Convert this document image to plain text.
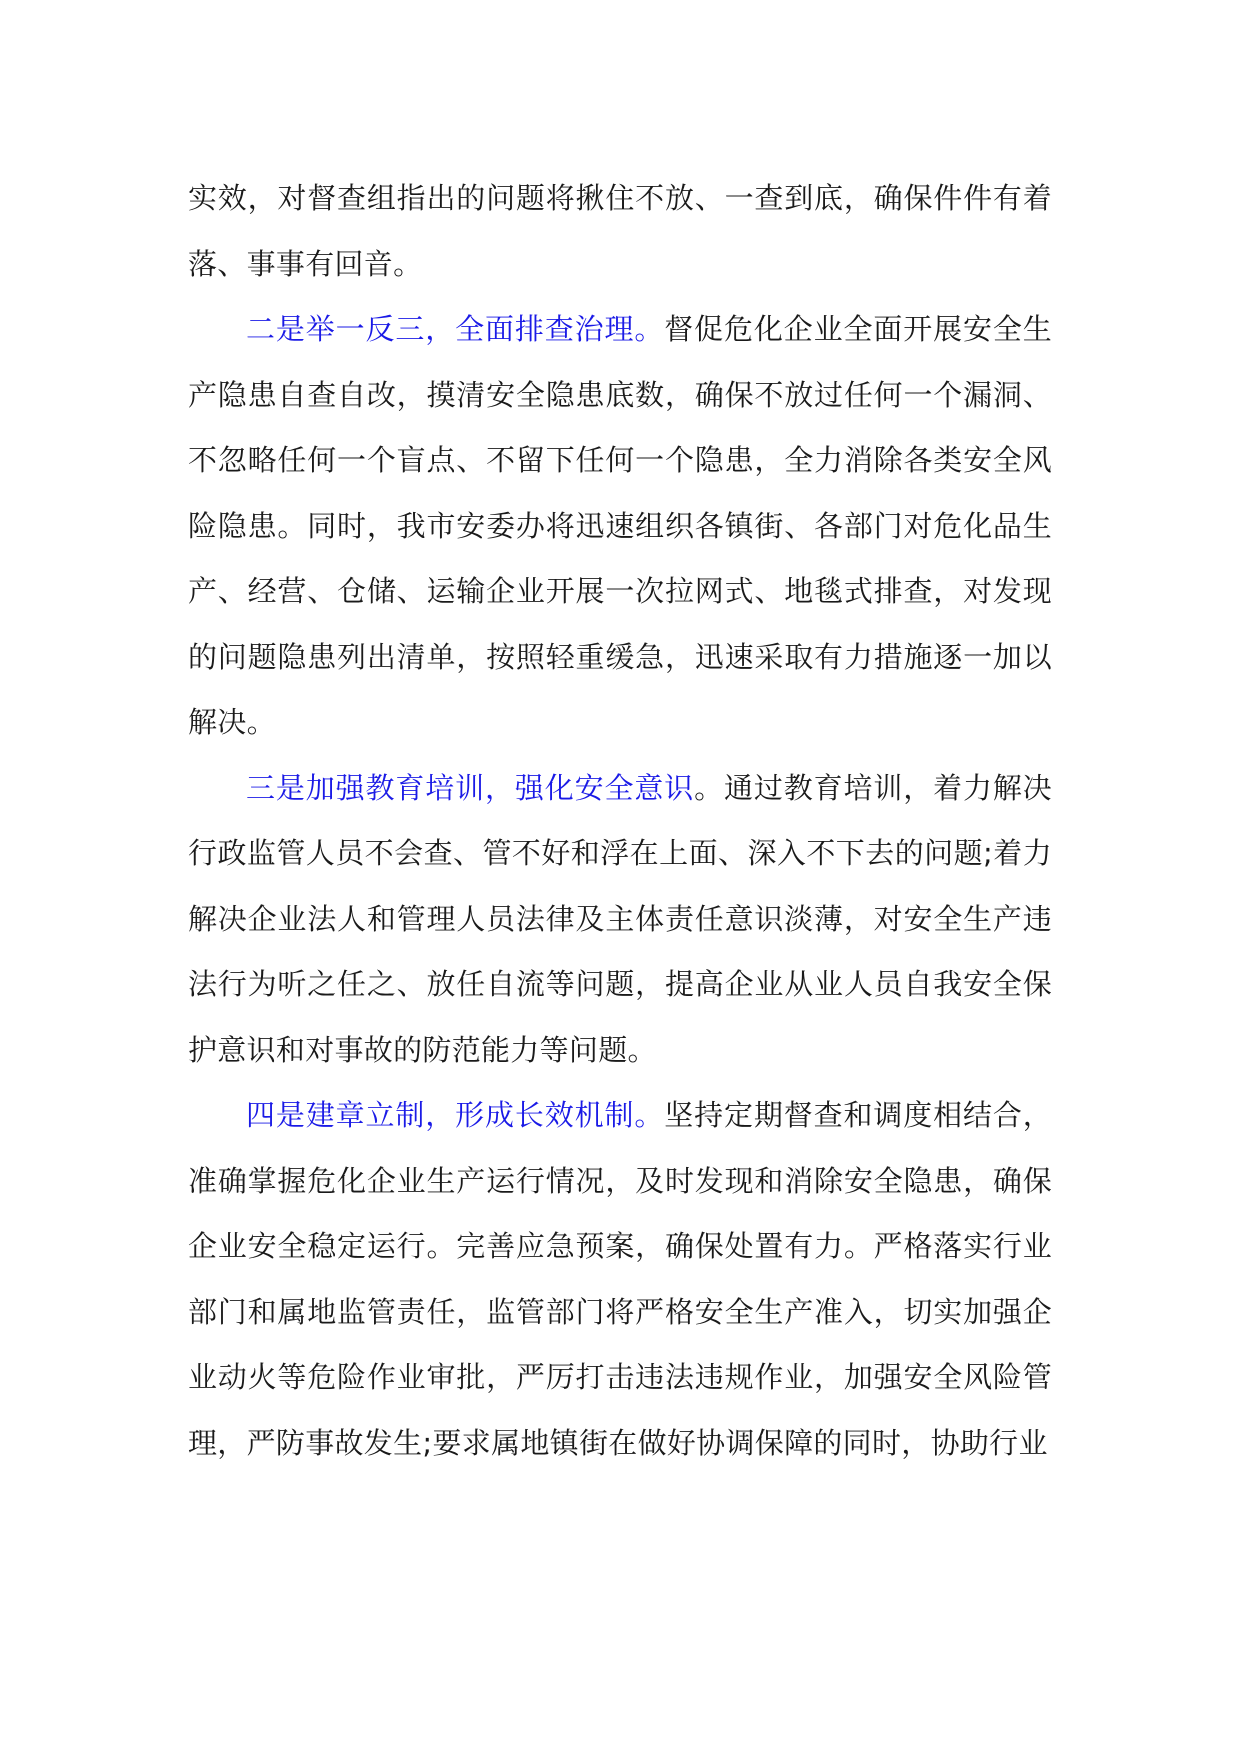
实效，对督查组指出的问题将揪住不放、一查到底，确保件件有着落、事事有回音。

二是举一反三，全面排查治理。督促危化企业全面开展安全生产隐患自查自改，摸清安全隐患底数，确保不放过任何一个漏洞、不忽略任何一个盲点、不留下任何一个隐患，全力消除各类安全风险隐患。同时，我市安委办将迅速组织各镇街、各部门对危化品生产、经营、仓储、运输企业开展一次拉网式、地毯式排查，对发现的问题隐患列出清单，按照轻重缓急，迅速采取有力措施逐一加以解决。

三是加强教育培训，强化安全意识。通过教育培训，着力解决行政监管人员不会查、管不好和浮在上面、深入不下去的问题;着力解决企业法人和管理人员法律及主体责任意识淡薄，对安全生产违法行为听之任之、放任自流等问题，提高企业从业人员自我安全保护意识和对事故的防范能力等问题。

四是建章立制，形成长效机制。坚持定期督查和调度相结合，准确掌握危化企业生产运行情况，及时发现和消除安全隐患，确保企业安全稳定运行。完善应急预案，确保处置有力。严格落实行业部门和属地监管责任，监管部门将严格安全生产准入，切实加强企业动火等危险作业审批，严厉打击违法违规作业，加强安全风险管理，严防事故发生;要求属地镇街在做好协调保障的同时，协助行业
